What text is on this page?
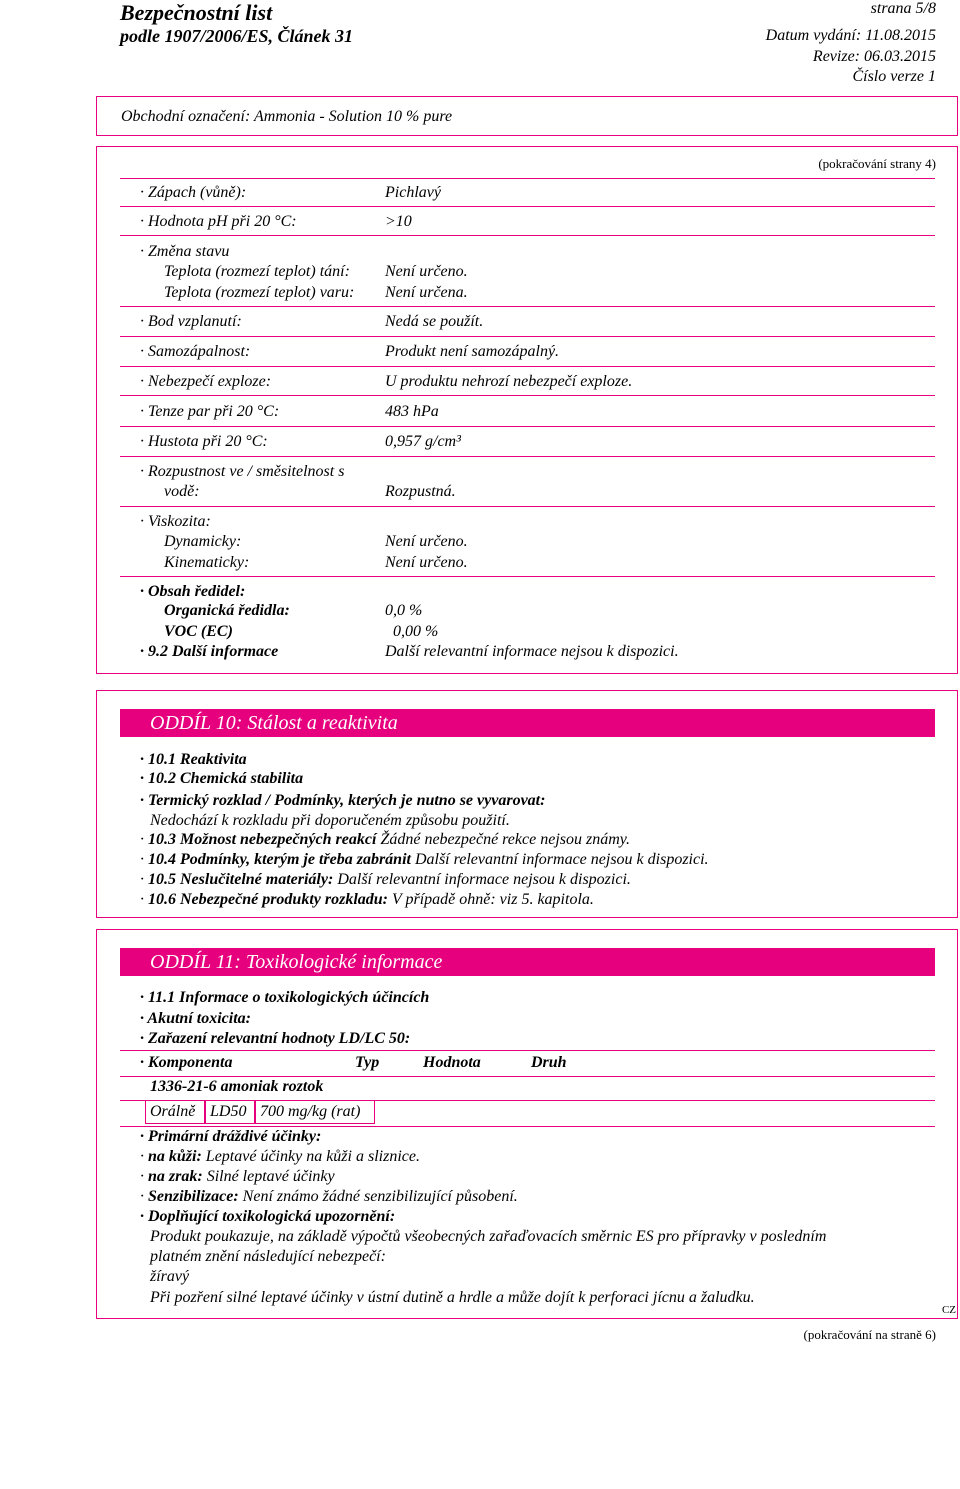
Bezpečnostní list
podle 1907/2006/ES, Článek 31
strana 5/8
Datum vydání: 11.08.2015
Revize: 06.03.2015
Číslo verze 1
Obchodní označení: Ammonia - Solution 10 % pure
(pokračování strany 4)
· Zápach (vůně):	Pichlavý
· Hodnota pH při 20 °C:	>10
· Změna stavu
Teplota (rozmezí teplot) tání: Není určeno.
Teplota (rozmezí teplot) varu: Není určena.
· Bod vzplanutí:	Nedá se použít.
· Samozápalnost:	Produkt není samozápalný.
· Nebezpečí exploze:	U produktu nehrozí nebezpečí exploze.
· Tenze par při 20 °C:	483 hPa
· Hustota při 20 °C:	0,957 g/cm³
· Rozpustnost ve / směsitelnost s
vodě:	Rozpustná.
· Viskozita:
Dynamicky:	Není určeno.
Kinematicky:	Není určeno.
· Obsah ředidel:
Organická ředidla:	0,0 %
VOC (EC)	0,00 %
· 9.2 Další informace	Další relevantní informace nejsou k dispozici.
ODDÍL 10: Stálost a reaktivita
· 10.1 Reaktivita
· 10.2 Chemická stabilita
· Termický rozklad / Podmínky, kterých je nutno se vyvarovat:
Nedochází k rozkladu při doporučeném způsobu použití.
· 10.3 Možnost nebezpečných reakcí Žádné nebezpečné rekce nejsou známy.
· 10.4 Podmínky, kterým je třeba zabránit Další relevantní informace nejsou k dispozici.
· 10.5 Neslučitelné materiály: Další relevantní informace nejsou k dispozici.
· 10.6 Nebezpečné produkty rozkladu: V případě ohně: viz 5. kapitola.
ODDÍL 11: Toxikologické informace
· 11.1 Informace o toxikologických účincích
· Akutní toxicita:
· Zařazení relevantní hodnoty LD/LC 50:
· Komponenta	Typ	Hodnota	Druh
1336-21-6 amoniak roztok
Orálně LD50 700 mg/kg (rat)
· Primární dráždivé účinky:
· na kůži: Leptavé účinky na kůži a sliznice.
· na zrak: Silné leptavé účinky
· Senzibilizace: Není známo žádné senzibilizující působení.
· Doplňující toxikologická upozornění:
Produkt poukazuje, na základě výpočtů všeobecných zařaďovacích směrnic ES pro přípravky v posledním
platném znění následující nebezpečí:
žíravý
Při pozření silné leptavé účinky v ústní dutině a hrdle a může dojít k perforaci jícnu a žaludku.
CZ
(pokračování na straně 6)
